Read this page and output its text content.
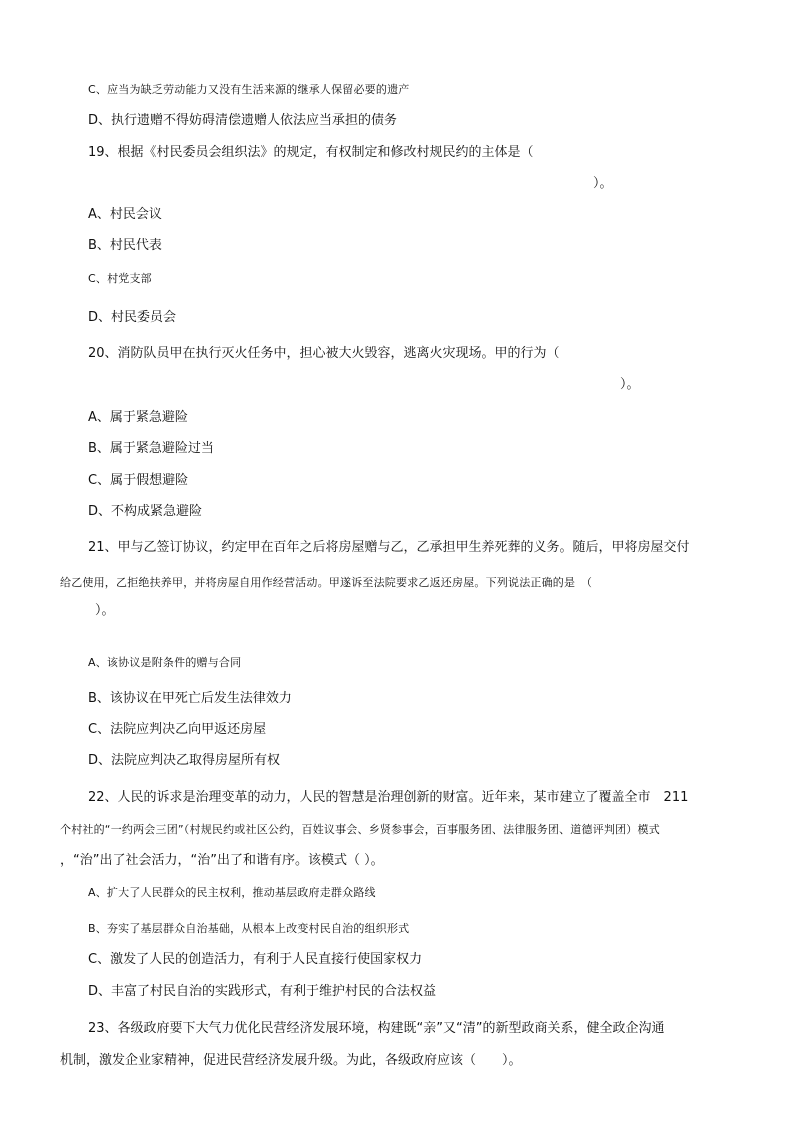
C、应当为缺乏劳动能力又没有生活来源的继承人保留必要的遗产
D、执行遗赠不得妨碍清偿遗赠人依法应当承担的债务
19、根据《村民委员会组织法》的规定，有权制定和修改村规民约的主体是（
）。
A、村民会议
B、村民代表
C、村党支部
D、村民委员会
20、消防队员甲在执行灭火任务中，担心被大火毁容，逃离火灾现场。甲的行为（
）。
A、属于紧急避险
B、属于紧急避险过当
C、属于假想避险
D、不构成紧急避险
21、甲与乙签订协议，约定甲在百年之后将房屋赠与乙，乙承担甲生养死葬的义务。随后，甲将房屋交付
给乙使用，乙拒绝扶养甲，并将房屋自用作经营活动。甲遂诉至法院要求乙返还房屋。下列说法正确的是　（
）。
A、该协议是附条件的赠与合同
B、该协议在甲死亡后发生法律效力
C、法院应判决乙向甲返还房屋
D、法院应判决乙取得房屋所有权
22、人民的诉求是治理变革的动力，人民的智慧是治理创新的财富。近年来，某市建立了覆盖全市　211
个村社的“一约两会三团”（村规民约或社区公约，百姓议事会、乡贤参事会，百事服务团、法律服务团、道德评判团）模式
，“治”出了社会活力，“治”出了和谐有序。该模式（ ）。
A、扩大了人民群众的民主权利，推动基层政府走群众路线
B、夯实了基层群众自治基础，从根本上改变村民自治的组织形式
C、激发了人民的创造活力，有利于人民直接行使国家权力
D、丰富了村民自治的实践形式，有利于维护村民的合法权益
23、各级政府要下大气力优化民营经济发展环境，构建既“亲”又“清”的新型政商关系，健全政企沟通
机制，激发企业家精神，促进民营经济发展升级。为此，各级政府应该（　　）。
